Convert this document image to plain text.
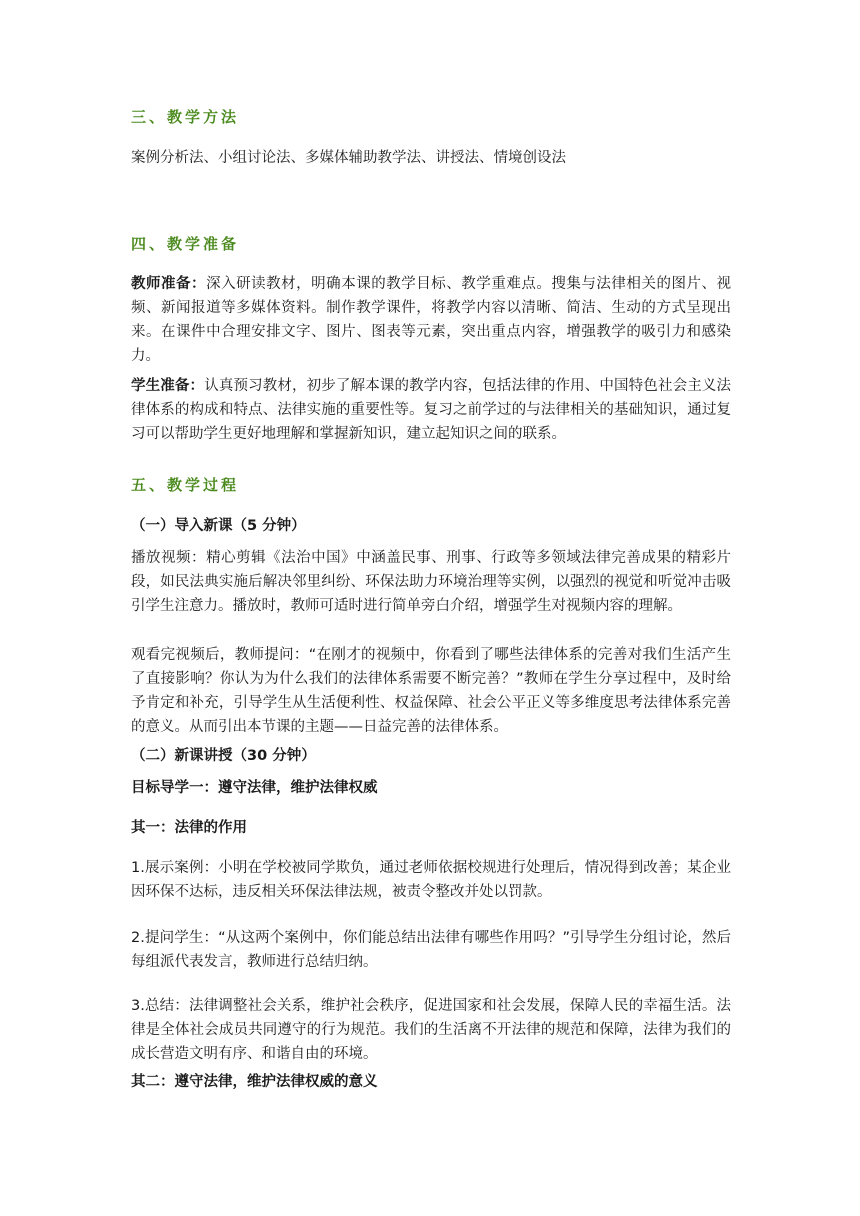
三、教学方法

案例分析法、小组讨论法、多媒体辅助教学法、讲授法、情境创设法

四、教学准备

教师准备：深入研读教材，明确本课的教学目标、教学重难点。搜集与法律相关的图片、视频、新闻报道等多媒体资料。制作教学课件，将教学内容以清晰、简洁、生动的方式呈现出来。在课件中合理安排文字、图片、图表等元素，突出重点内容，增强教学的吸引力和感染力。

学生准备：认真预习教材，初步了解本课的教学内容，包括法律的作用、中国特色社会主义法律体系的构成和特点、法律实施的重要性等。复习之前学过的与法律相关的基础知识，通过复习可以帮助学生更好地理解和掌握新知识，建立起知识之间的联系。

五、教学过程

（一）导入新课（5 分钟）

播放视频：精心剪辑《法治中国》中涵盖民事、刑事、行政等多领域法律完善成果的精彩片段，如民法典实施后解决邻里纠纷、环保法助力环境治理等实例，以强烈的视觉和听觉冲击吸引学生注意力。播放时，教师可适时进行简单旁白介绍，增强学生对视频内容的理解。

观看完视频后，教师提问：“在刚才的视频中，你看到了哪些法律体系的完善对我们生活产生了直接影响？你认为为什么我们的法律体系需要不断完善？”教师在学生分享过程中，及时给予肯定和补充，引导学生从生活便利性、权益保障、社会公平正义等多维度思考法律体系完善的意义。从而引出本节课的主题——日益完善的法律体系。

（二）新课讲授（30 分钟）

目标导学一：遵守法律，维护法律权威

其一：法律的作用

1.展示案例：小明在学校被同学欺负，通过老师依据校规进行处理后，情况得到改善；某企业因环保不达标，违反相关环保法律法规，被责令整改并处以罚款。

2.提问学生：“从这两个案例中，你们能总结出法律有哪些作用吗？”引导学生分组讨论，然后每组派代表发言，教师进行总结归纳。

3.总结：法律调整社会关系，维护社会秩序，促进国家和社会发展，保障人民的幸福生活。法律是全体社会成员共同遵守的行为规范。我们的生活离不开法律的规范和保障，法律为我们的成长营造文明有序、和谐自由的环境。

其二：遵守法律，维护法律权威的意义
